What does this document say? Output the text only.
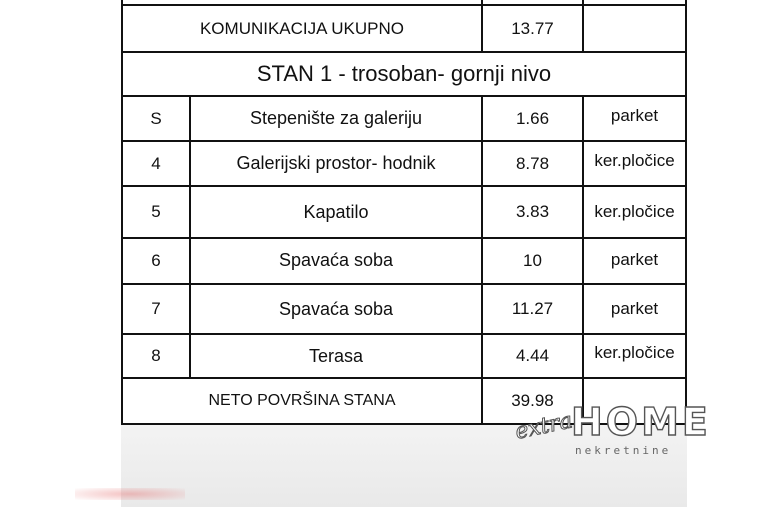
KOMUNIKACIJA UKUPNO	13.77
STAN 1 - trosoban- gornji nivo
S	Stepenište za galeriju	1.66	parket
4	Galerijski prostor- hodnik	8.78	ker.pločice
5	Kapatilo	3.83	ker.pločice
6	Spavaća soba	10	parket
7	Spavaća soba	11.27	parket
8	Terasa	4.44	ker.pločice
NETO POVRŠINA STANA	39.98
extra
HOME
nekretnine
